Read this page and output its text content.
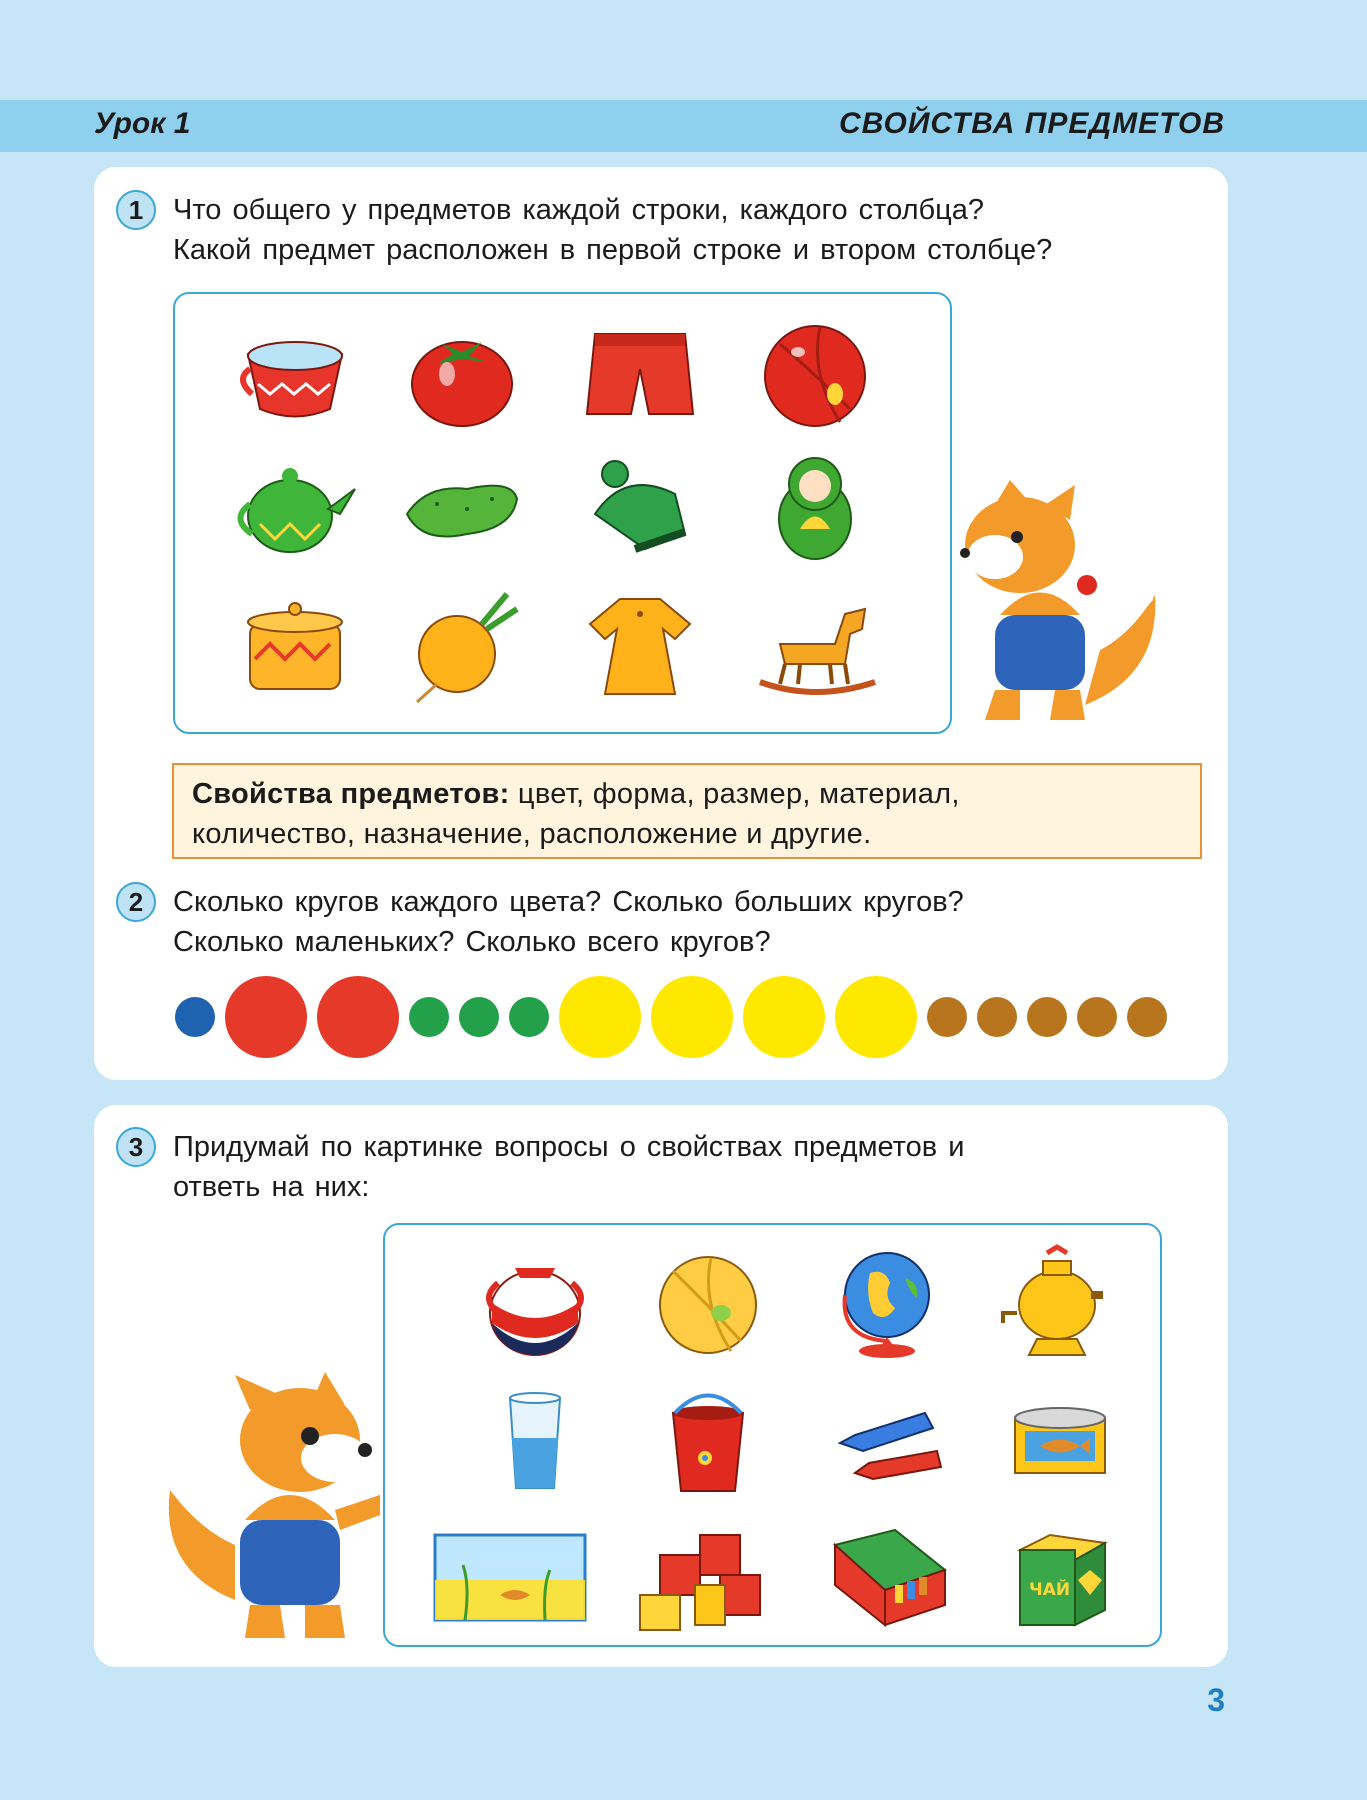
Урок 1	СВОЙСТВА ПРЕДМЕТОВ
1	Что общего у предметов каждой строки, каждого столбца?
Какой предмет расположен в первой строке и втором столбце?
Свойства предметов: цвет, форма, размер, материал,
количество, назначение, расположение и другие.
2	Сколько кругов каждого цвета? Сколько больших кругов?
Сколько маленьких? Сколько всего кругов?
3	Придумай по картинке вопросы о свойствах предметов и
ответь на них:
ЧАЙ
3
